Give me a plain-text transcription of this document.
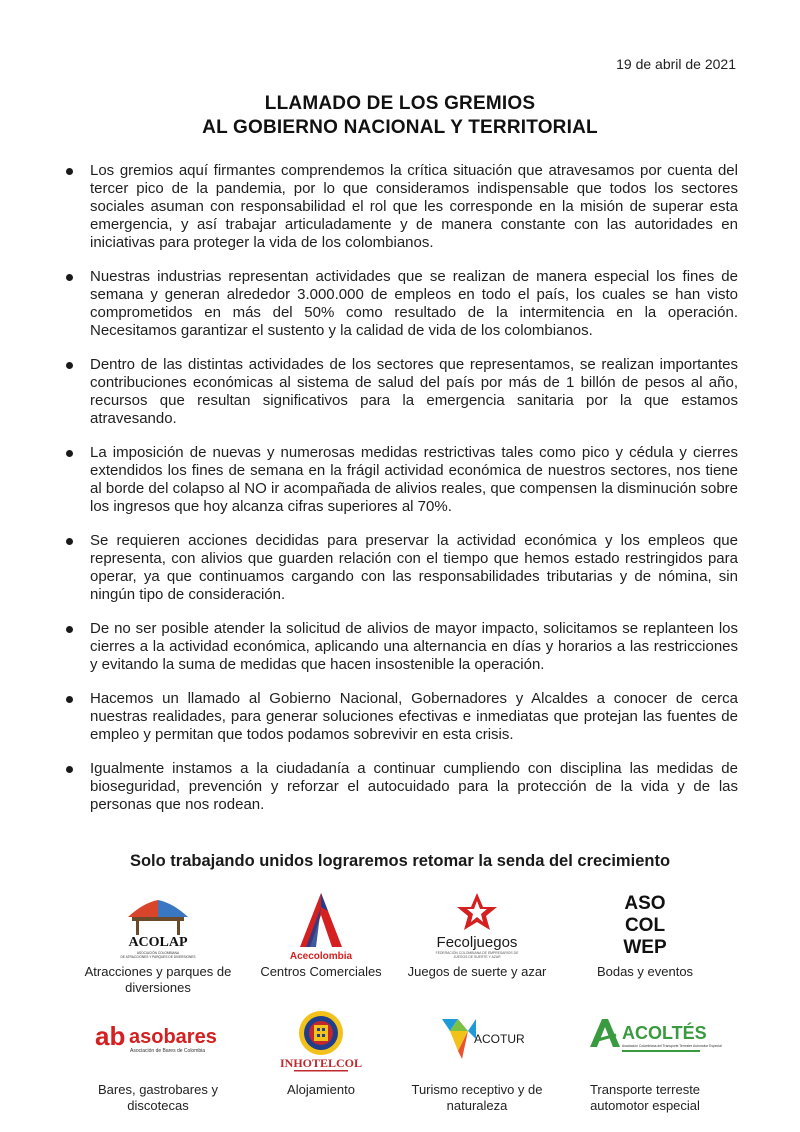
19 de abril de 2021
LLAMADO DE LOS GREMIOS
AL GOBIERNO NACIONAL Y TERRITORIAL
Los gremios aquí firmantes comprendemos la crítica situación que atravesamos por cuenta del tercer pico de la pandemia, por lo que consideramos indispensable que todos los sectores sociales asuman con responsabilidad el rol que les corresponde en la misión de superar esta emergencia, y así trabajar articuladamente y de manera constante con las autoridades en iniciativas para proteger la vida de los colombianos.
Nuestras industrias representan actividades que se realizan de manera especial los fines de semana y generan alrededor 3.000.000 de empleos en todo el país, los cuales se han visto comprometidos en más del 50% como resultado de la intermitencia en la operación. Necesitamos garantizar el sustento y la calidad de vida de los colombianos.
Dentro de las distintas actividades de los sectores que representamos, se realizan importantes contribuciones económicas al sistema de salud del país por más de 1 billón de pesos al año, recursos que resultan significativos para la emergencia sanitaria por la que estamos atravesando.
La imposición de nuevas y numerosas medidas restrictivas tales como pico y cédula y cierres extendidos los fines de semana en la frágil actividad económica de nuestros sectores, nos tiene al borde del colapso al NO ir acompañada de alivios reales, que compensen la disminución sobre los ingresos que hoy alcanza cifras superiores al 70%.
Se requieren acciones decididas para preservar la actividad económica y los empleos que representa, con alivios que guarden relación con el tiempo que hemos estado restringidos para operar, ya que continuamos cargando con las responsabilidades tributarias y de nómina, sin ningún tipo de consideración.
De no ser posible atender la solicitud de alivios de mayor impacto, solicitamos se replanteen los cierres a la actividad económica, aplicando una alternancia en días y horarios a las restricciones y evitando la suma de medidas que hacen insostenible la operación.
Hacemos un llamado al Gobierno Nacional, Gobernadores y Alcaldes a conocer de cerca nuestras realidades, para generar soluciones efectivas e inmediatas que protejan las fuentes de empleo y permitan que todos podamos sobrevivir en esta crisis.
Igualmente instamos a la ciudadanía a continuar cumpliendo con disciplina las medidas de bioseguridad, prevención y reforzar el autocuidado para la protección de la vida y de las personas que nos rodean.
Solo trabajando unidos lograremos retomar la senda del crecimiento
ACOLAP
ASOCIACIÓN COLOMBIANA
DE ATRACCIONES Y PARQUES DE DIVERSIONES
Atracciones y parques de diversiones
Acecolombia
Centros Comerciales
Fecoljuegos
FEDERACIÓN COLOMBIANA DE EMPRESARIOS DE
JUEGOS DE SUERTE Y AZAR
Juegos de suerte y azar
ASO
COL
WEP
Bodas y eventos
ab asobares
Asociación de Bares de Colombia
Bares, gastrobares y discotecas
INHOTELCOL
Alojamiento
ACOTUR
Turismo receptivo y de naturaleza
ACOLTÉS
Asociación Colombiana del Transporte Terrestre Automotor Especial
Transporte terreste automotor especial
